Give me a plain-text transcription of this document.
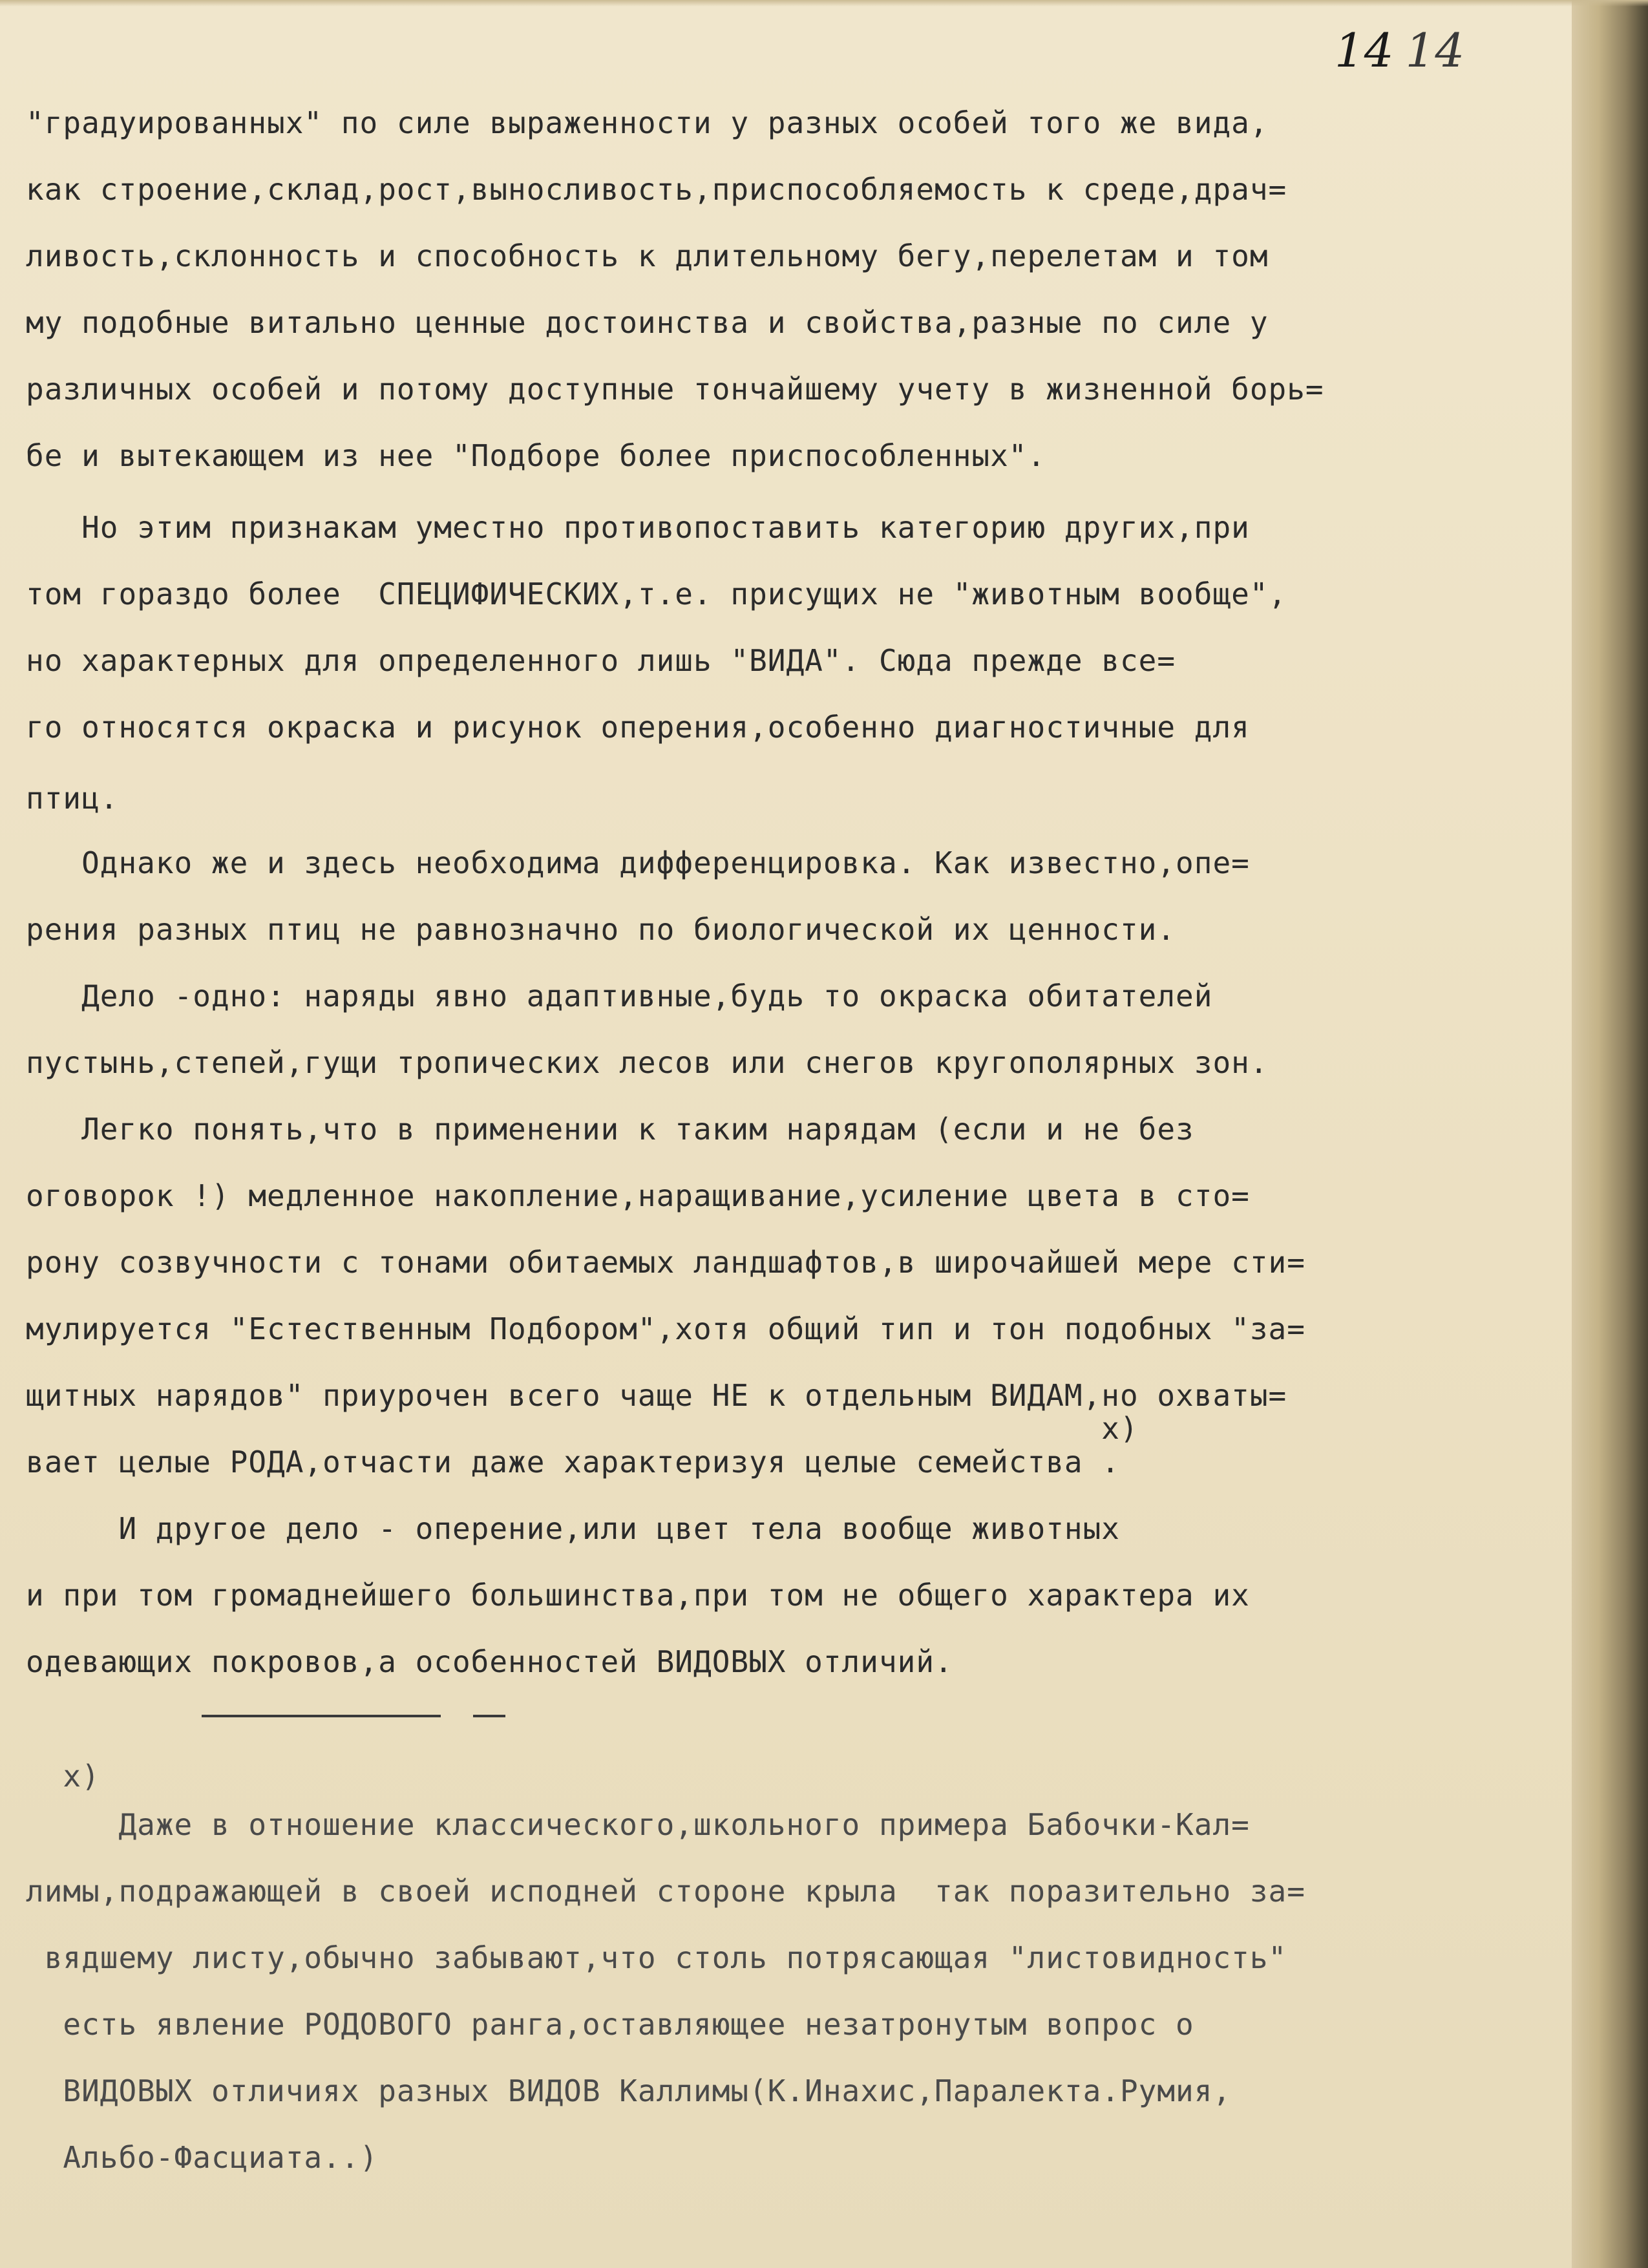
14 14

"градуированных" по силе выраженности у разных особей того же вида,

как строение,склад,рост,выносливость,приспособляемость к среде,драч=

ливость,склонность и способность к длительному бегу,перелетам и том

му подобные витально ценные достоинства и свойства,разные по силе у

различных особей и потому доступные тончайшему учету в жизненной борь=

бе и вытекающем из нее "Подборе более приспособленных".

Но этим признакам уместно противопоставить категорию других,при

том гораздо более  СПЕЦИФИЧЕСКИХ,т.е. присущих не "животным вообще",

но характерных для определенного лишь "ВИДА". Сюда прежде все=

го относятся окраска и рисунок оперения,особенно диагностичные для

птиц.

Однако же и здесь необходима дифференцировка. Как известно,опе=

рения разных птиц не равнозначно по биологической их ценности.

Дело -одно: наряды явно адаптивные,будь то окраска обитателей

пустынь,степей,гущи тропических лесов или снегов кругополярных зон.

Легко понять,что в применении к таким нарядам (если и не без

оговорок !) медленное накопление,наращивание,усиление цвета в сто=

рону созвучности с тонами обитаемых ландшафтов,в широчайшей мере сти=

мулируется "Естественным Подбором",хотя общий тип и тон подобных "за=

щитных нарядов" приурочен всего чаще НЕ к отдельным ВИДАМ,но охваты=

x)

вает целые РОДА,отчасти даже характеризуя целые семейства .

И другое дело - оперение,или цвет тела вообще животных

и при том громаднейшего большинства,при том не общего характера их

одевающих покровов,а особенностей ВИДОВЫХ отличий.

x)

Даже в отношение классического,школьного примера Бабочки-Кал=

лимы,подражающей в своей исподней стороне крыла  так поразительно за=

вядшему листу,обычно забывают,что столь потрясающая "листовидность"

есть явление РОДОВОГО ранга,оставляющее незатронутым вопрос о

ВИДОВЫХ отличиях разных ВИДОВ Каллимы(К.Инахис,Паралекта.Румия,

Альбо-Фасциата..)
